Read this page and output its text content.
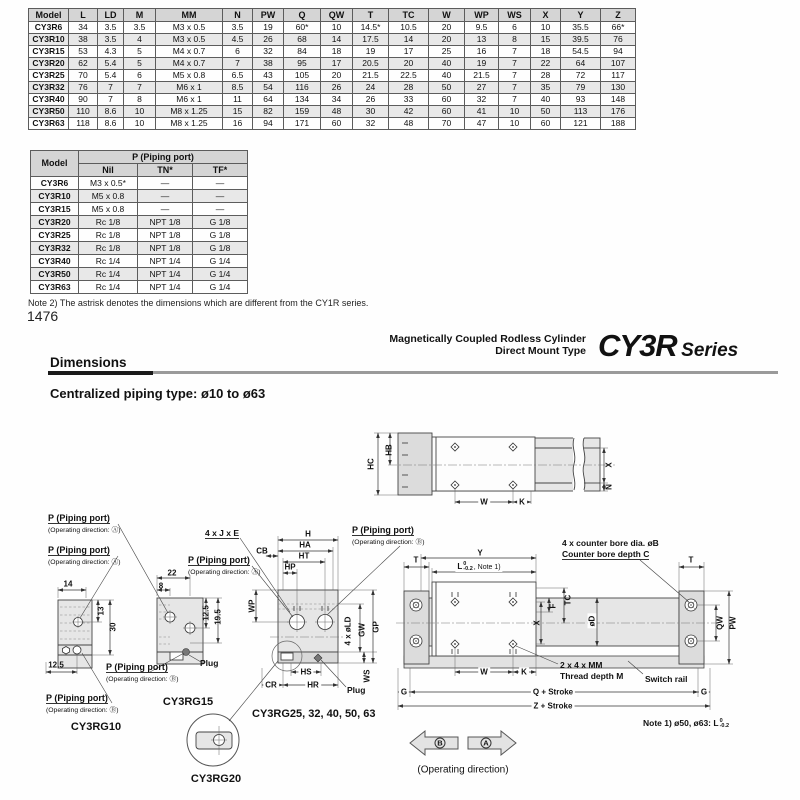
Model	L	LD	M	MM	N	PW	Q	QW	T	TC	W	WP	WS	X	Y	Z
CY3R6	34	3.5	3.5	M3 x 0.5	3.5	19	60*	10	14.5*	10.5	20	9.5	6	10	35.5	66*
CY3R10	38	3.5	4	M3 x 0.5	4.5	26	68	14	17.5	14	20	13	8	15	39.5	76
CY3R15	53	4.3	5	M4 x 0.7	6	32	84	18	19	17	25	16	7	18	54.5	94
CY3R20	62	5.4	5	M4 x 0.7	7	38	95	17	20.5	20	40	19	7	22	64	107
CY3R25	70	5.4	6	M5 x 0.8	6.5	43	105	20	21.5	22.5	40	21.5	7	28	72	117
CY3R32	76	7	7	M6 x 1	8.5	54	116	26	24	28	50	27	7	35	79	130
CY3R40	90	7	8	M6 x 1	11	64	134	34	26	33	60	32	7	40	93	148
CY3R50	110	8.6	10	M8 x 1.25	15	82	159	48	30	42	60	41	10	50	113	176
CY3R63	118	8.6	10	M8 x 1.25	16	94	171	60	32	48	70	47	10	60	121	188
Model	P (Piping port)		
	Nil	TN*	TF*
CY3R6	M3 x 0.5*	—	—
CY3R10	M5 x 0.8	—	—
CY3R15	M5 x 0.8	—	—
CY3R20	Rc 1/8	NPT 1/8	G 1/8
CY3R25	Rc 1/8	NPT 1/8	G 1/8
CY3R32	Rc 1/8	NPT 1/8	G 1/8
CY3R40	Rc 1/4	NPT 1/4	G 1/4
CY3R50	Rc 1/4	NPT 1/4	G 1/4
CY3R63	Rc 1/4	NPT 1/4	G 1/4
Note 2) The astrisk denotes the dimensions which are different from the CY1R series.
1476
Magnetically Coupled Rodless Cylinder
Direct Mount Type CY3R Series
Dimensions
Centralized piping type: ø10 to ø63
HC
HB
X
N
W	K
P (Piping port)
(Operating direction: Ⓐ)
P (Piping port)
(Operating direction: Ⓐ)	P (Piping port)
(Operating direction: Ⓐ)
P (Piping port)
(Operating direction: Ⓑ)
P (Piping port)
(Operating direction: Ⓑ)
P (Piping port)
(Operating direction: Ⓑ)
4 x J x E
14
13
30
12.5
CY3RG10
22
8
12.5 19.5
Plug
CY3RG15
CY3RG20
CB
H
HA
HT
HP
WP
4 x øLD GW GP
WS
HS
CR	HR	Plug
CY3RG25, 32, 40, 50, 63
T	T
Y
L 0
-0.2 , Note 1)
4 x counter bore dia. øB
Counter bore depth C
TC
F
X	øD	QW PW
W	K
2 x 4 x MM
Thread depth M	Switch rail
G	G
Q + Stroke
Z + Stroke
B	A
(Operating direction)
Note 1) ø50, ø63: L 0
-0.2
